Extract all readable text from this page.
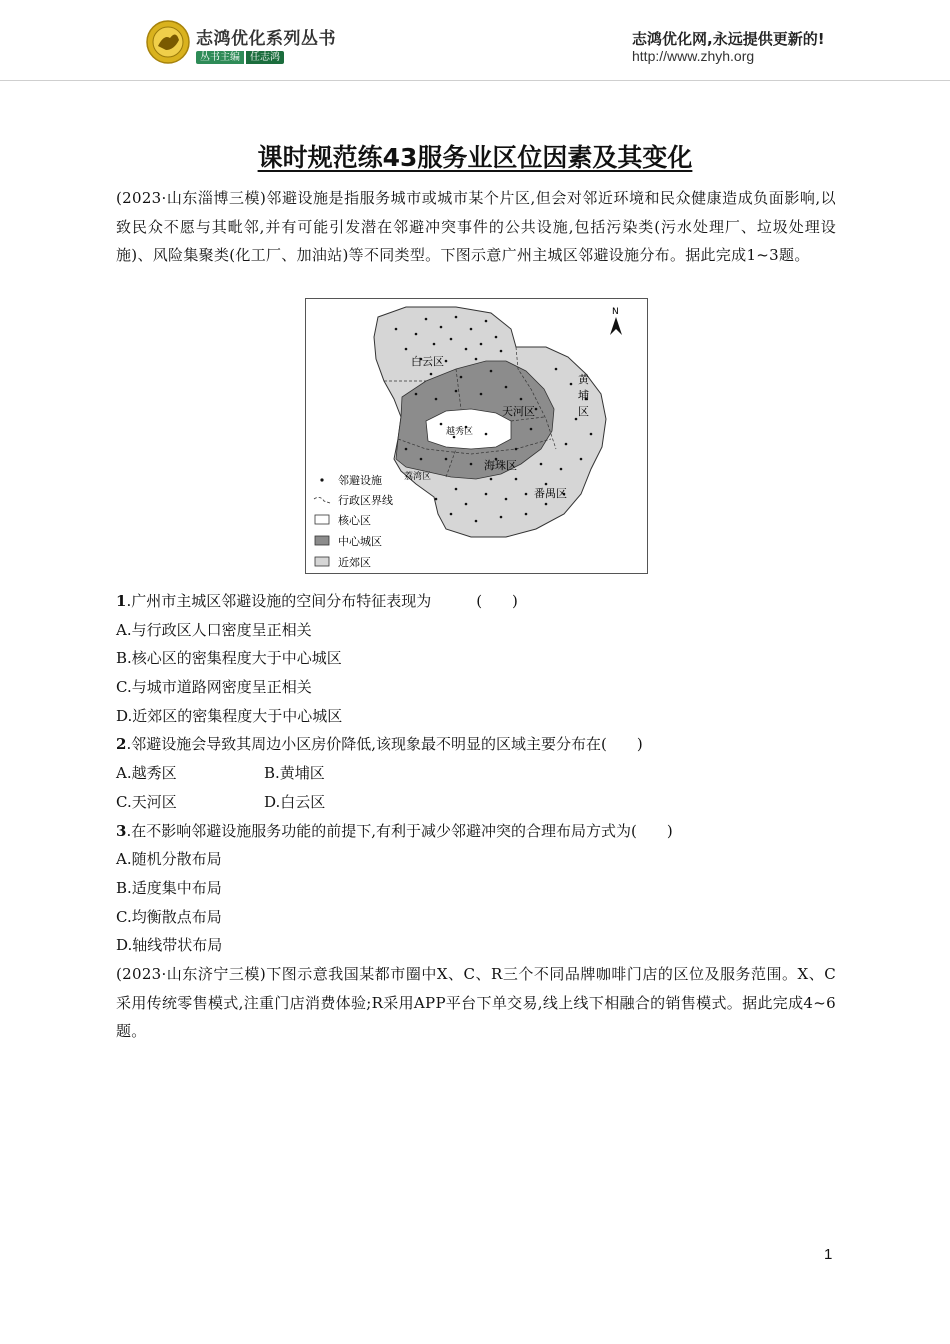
志鸿优化系列丛书
丛书主编 任志鸿
志鸿优化网,永远提供更新的!
http://www.zhyh.org
课时规范练43服务业区位因素及其变化
(2023·山东淄博三模)邻避设施是指服务城市或城市某个片区,但会对邻近环境和民众健康造成负面影响,以致民众不愿与其毗邻,并有可能引发潜在邻避冲突事件的公共设施,包括污染类(污水处理厂、垃圾处理设施)、风险集聚类(化工厂、加油站)等不同类型。下图示意广州主城区邻避设施分布。据此完成1~3题。
N
白云区
黄
埔
区
天河区
越秀区
荔湾区
海珠区
番禺区
邻避设施
行政区界线
核心区
中心城区
近郊区
1.广州市主城区邻避设施的空间分布特征表现为　　　(　　)
A.与行政区人口密度呈正相关
B.核心区的密集程度大于中心城区
C.与城市道路网密度呈正相关
D.近郊区的密集程度大于中心城区
2.邻避设施会导致其周边小区房价降低,该现象最不明显的区域主要分布在(　　)
A.越秀区	B.黄埔区
C.天河区	D.白云区
3.在不影响邻避设施服务功能的前提下,有利于减少邻避冲突的合理布局方式为(　　)
A.随机分散布局
B.适度集中布局
C.均衡散点布局
D.轴线带状布局
(2023·山东济宁三模)下图示意我国某都市圈中X、C、R三个不同品牌咖啡门店的区位及服务范围。X、C采用传统零售模式,注重门店消费体验;R采用APP平台下单交易,线上线下相融合的销售模式。据此完成4~6题。
1
